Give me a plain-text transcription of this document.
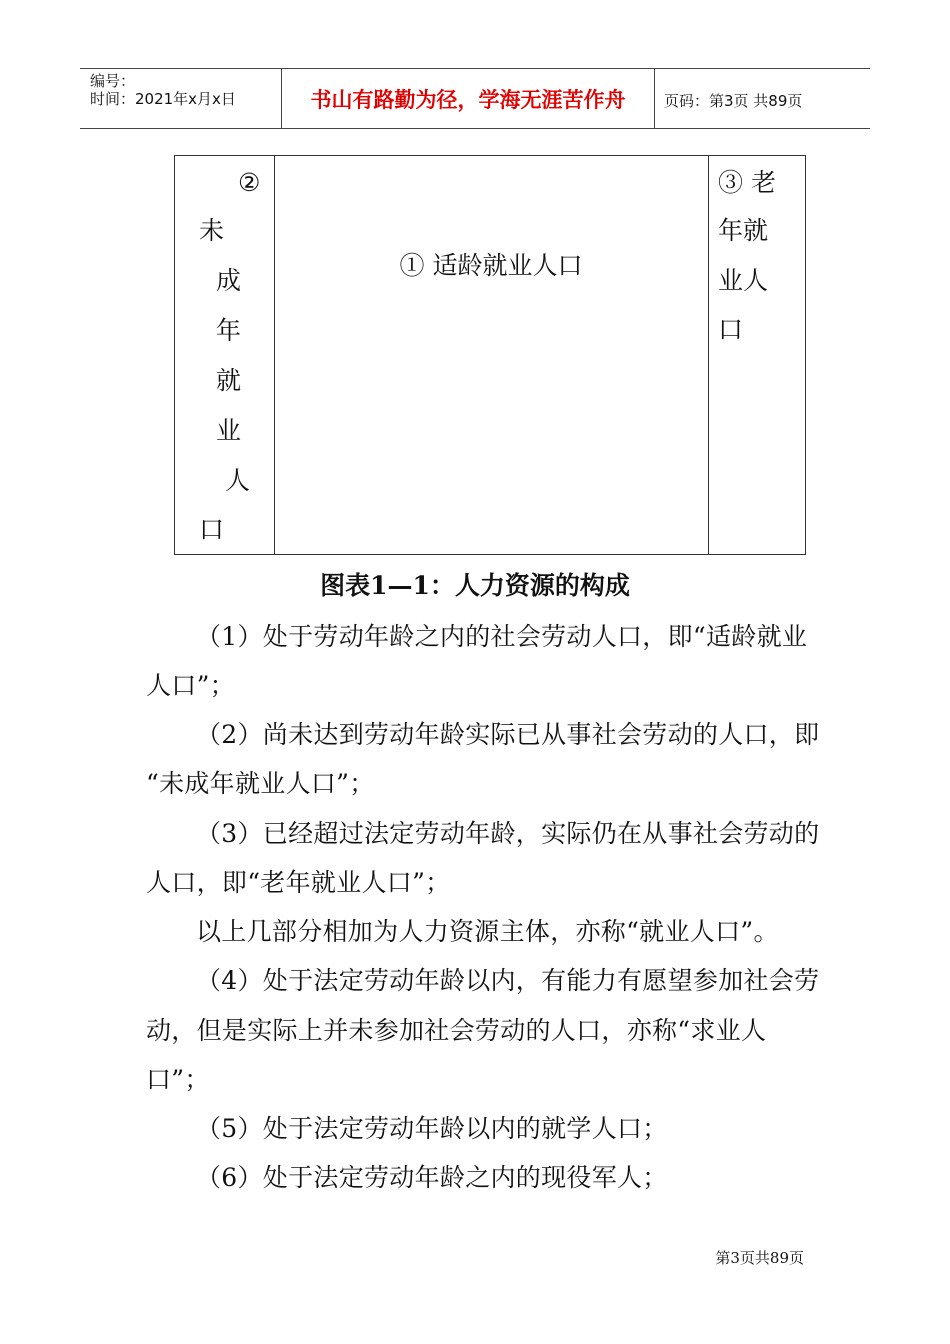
编号：
时间：2021年x月x日	书山有路勤为径，学海无涯苦作舟	页码：第3页 共89页
②
未
成
年
就
业
人
口
① 适龄就业人口
③ 老
年就
业人
口
图表1—1：人力资源的构成
（1）处于劳动年龄之内的社会劳动人口，即“适龄就业
人口”；
（2）尚未达到劳动年龄实际已从事社会劳动的人口，即
“未成年就业人口”；
（3）已经超过法定劳动年龄，实际仍在从事社会劳动的
人口，即“老年就业人口”；
以上几部分相加为人力资源主体，亦称“就业人口”。
（4）处于法定劳动年龄以内，有能力有愿望参加社会劳
动，但是实际上并未参加社会劳动的人口，亦称“求业人
口”；
（5）处于法定劳动年龄以内的就学人口；
（6）处于法定劳动年龄之内的现役军人；
第3页共89页
